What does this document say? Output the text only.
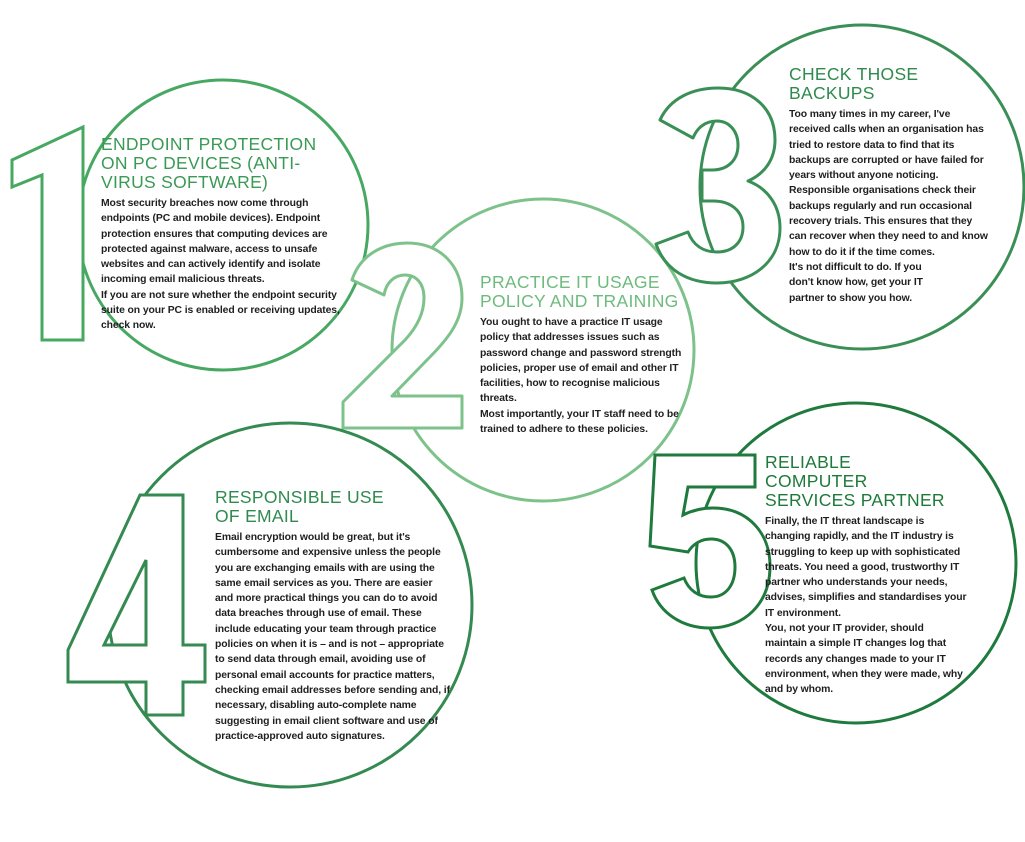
ENDPOINT PROTECTION ON PC DEVICES (ANTI-VIRUS SOFTWARE)

Most security breaches now come through endpoints (PC and mobile devices). Endpoint protection ensures that computing devices are protected against malware, access to unsafe websites and can actively identify and isolate incoming email malicious threats.

If you are not sure whether the endpoint security suite on your PC is enabled or receiving updates, check now.

PRACTICE IT USAGE POLICY AND TRAINING

You ought to have a practice IT usage policy that addresses issues such as password change and password strength policies, proper use of email and other IT facilities, how to recognise malicious threats.

Most importantly, your IT staff need to be trained to adhere to these policies.

CHECK THOSE BACKUPS

Too many times in my career, I've received calls when an organisation has tried to restore data to find that its backups are corrupted or have failed for years without anyone noticing.

Responsible organisations check their backups regularly and run occasional recovery trials. This ensures that they can recover when they need to and know how to do it if the time comes.

It's not difficult to do. If you don't know how, get your IT partner to show you how.

RESPONSIBLE USE OF EMAIL

Email encryption would be great, but it's cumbersome and expensive unless the people you are exchanging emails with are using the same email services as you. There are easier and more practical things you can do to avoid data breaches through use of email. These include educating your team through practice policies on when it is – and is not – appropriate to send data through email, avoiding use of personal email accounts for practice matters, checking email addresses before sending and, if necessary, disabling auto-complete name suggesting in email client software and use of practice-approved auto signatures.

RELIABLE COMPUTER SERVICES PARTNER

Finally, the IT threat landscape is changing rapidly, and the IT industry is struggling to keep up with sophisticated threats. You need a good, trustworthy IT partner who understands your needs, advises, simplifies and standardises your IT environment.

You, not your IT provider, should maintain a simple IT changes log that records any changes made to your IT environment, when they were made, why and by whom.
